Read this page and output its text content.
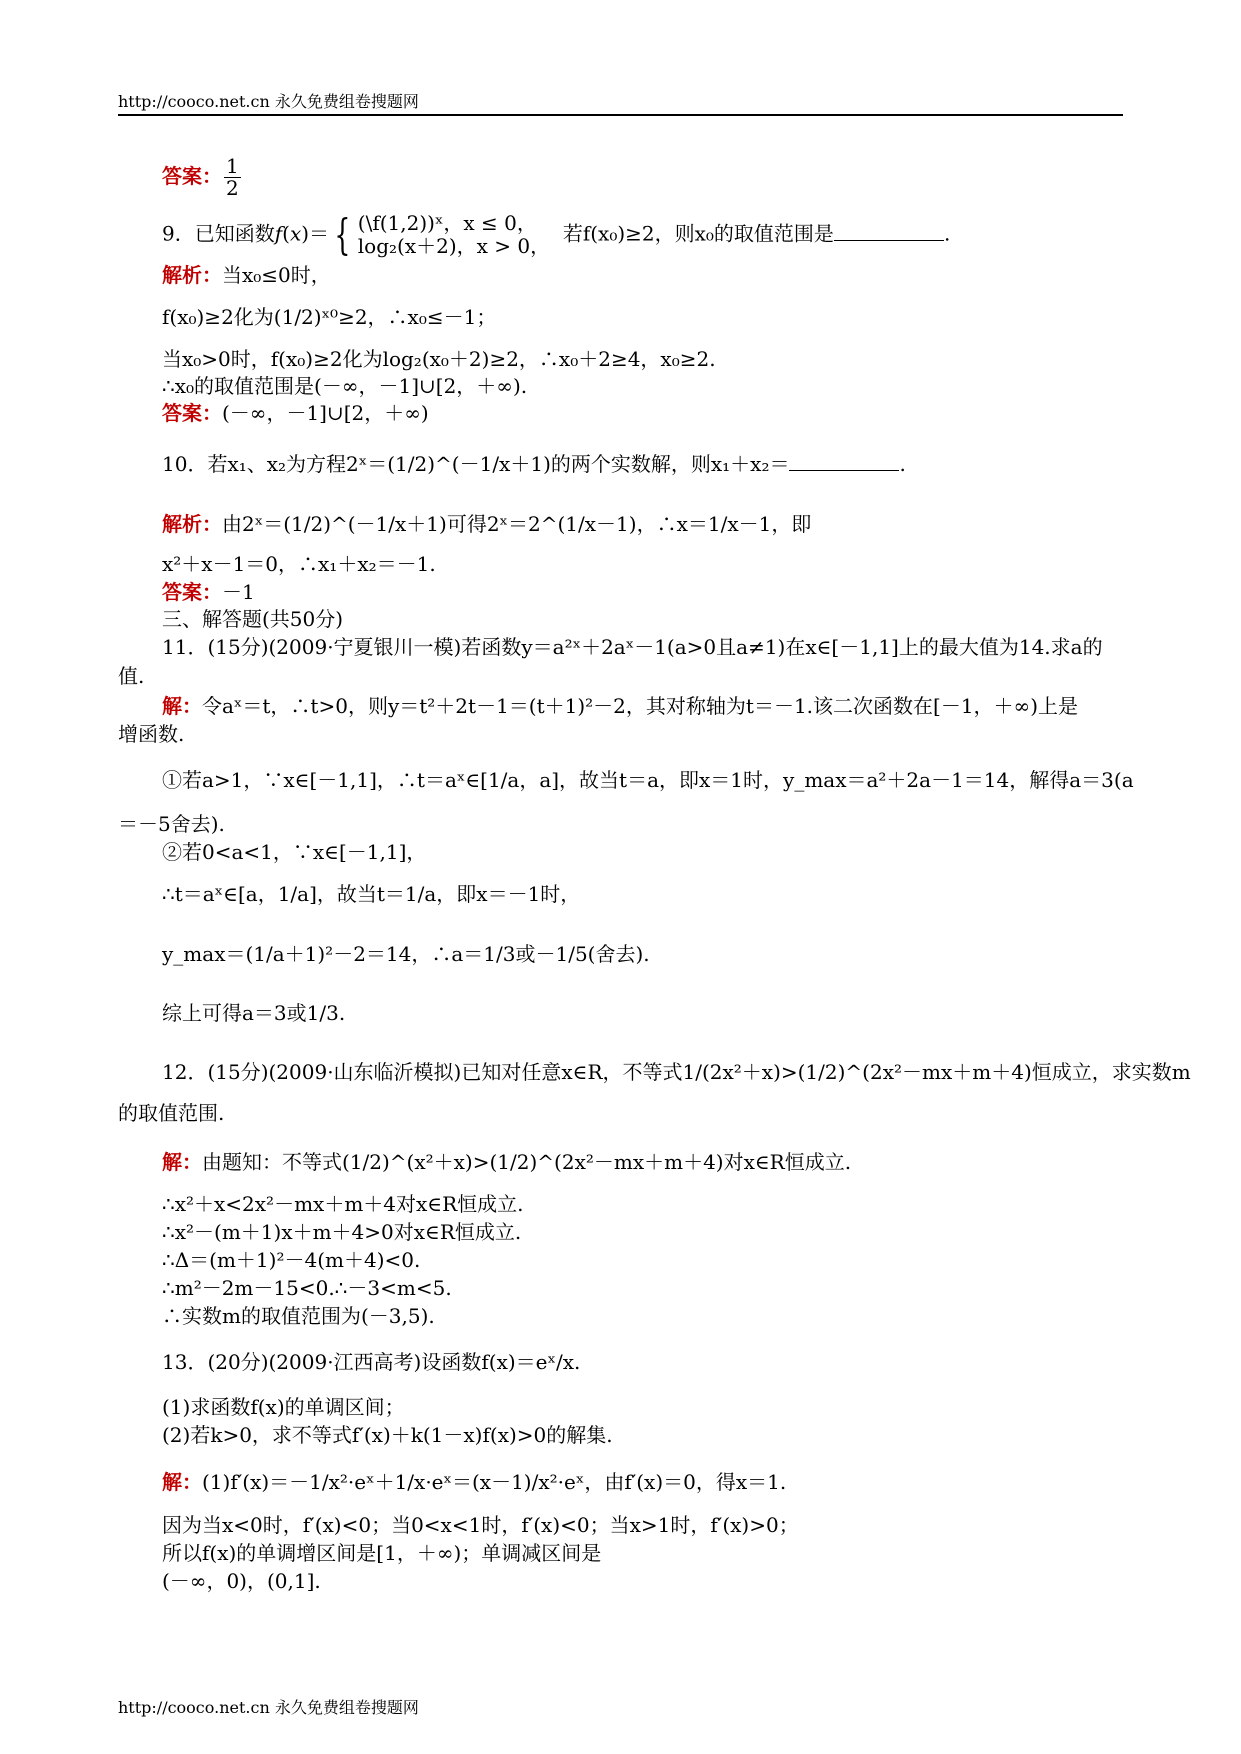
http://cooco.net.cn 永久免费组卷搜题网
答案： $\frac{1}{2}$
9．已知函数f(x)＝ { (\f(1,2))ˣ，x ≤ 0，
log₂(x＋2)，x > 0，
若f(x₀)≥2，则x₀的取值范围是	.
解析：当x₀≤0时，
f(x₀)≥2化为(1/2)ˣ⁰≥2，∴x₀≤－1；
当x₀>0时，f(x₀)≥2化为log₂(x₀＋2)≥2，∴x₀＋2≥4，x₀≥2.
∴x₀的取值范围是(－∞，－1]∪[2，＋∞).
答案：(－∞，－1]∪[2，＋∞)
10．若x₁、x₂为方程2ˣ＝(1/2)^(－1/x＋1)的两个实数解，则x₁＋x₂＝	.
解析：由2ˣ＝(1/2)^(－1/x＋1)可得2ˣ＝2^(1/x－1)，∴x＝1/x－1，即
x²＋x－1＝0，∴x₁＋x₂＝－1.
答案：－1
三、解答题(共50分)
11．(15分)(2009·宁夏银川一模)若函数y＝a²ˣ＋2aˣ－1(a>0且a≠1)在x∈[－1,1]上的最大值为14.求a的
值.
解：令aˣ＝t，∴t>0，则y＝t²＋2t－1＝(t＋1)²－2，其对称轴为t＝－1.该二次函数在[－1，＋∞)上是
增函数.
①若a>1，∵x∈[－1,1]，∴t＝aˣ∈[1/a，a]，故当t＝a，即x＝1时，y_max＝a²＋2a－1＝14，解得a＝3(a
＝－5舍去).
②若0<a<1，∵x∈[－1,1]，
∴t＝aˣ∈[a，1/a]，故当t＝1/a，即x＝－1时，
y_max＝(1/a＋1)²－2＝14，∴a＝1/3或－1/5(舍去).
综上可得a＝3或1/3.
12．(15分)(2009·山东临沂模拟)已知对任意x∈R，不等式1/(2x²＋x)>(1/2)^(2x²－mx＋m＋4)恒成立，求实数m
的取值范围.
解：由题知：不等式(1/2)^(x²＋x)>(1/2)^(2x²－mx＋m＋4)对x∈R恒成立.
∴x²＋x<2x²－mx＋m＋4对x∈R恒成立.
∴x²－(m＋1)x＋m＋4>0对x∈R恒成立.
∴Δ＝(m＋1)²－4(m＋4)<0.
∴m²－2m－15<0.∴－3<m<5.
∴实数m的取值范围为(－3,5).
13．(20分)(2009·江西高考)设函数f(x)＝eˣ/x.
(1)求函数f(x)的单调区间；
(2)若k>0，求不等式f′(x)＋k(1－x)f(x)>0的解集.
解：(1)f′(x)＝－1/x²·eˣ＋1/x·eˣ＝(x－1)/x²·eˣ，由f′(x)＝0，得x＝1.
因为当x<0时，f′(x)<0；当0<x<1时，f′(x)<0；当x>1时，f′(x)>0；
所以f(x)的单调增区间是[1，＋∞)；单调减区间是
(－∞，0)，(0,1].
http://cooco.net.cn 永久免费组卷搜题网
